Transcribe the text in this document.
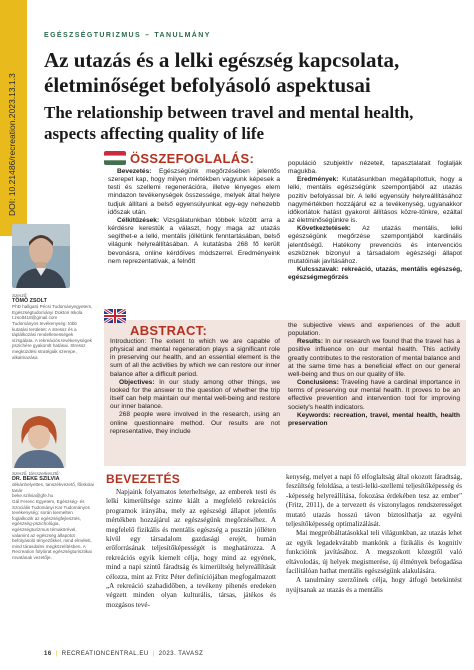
DOI: 10.21486/recreation.2023.13.1.3
EGÉSZSÉGTURIZMUS – TANULMÁNY
Az utazás és a lelki egészség kapcsolata, életminőséget befolyásoló aspektusai
The relationship between travel and mental health, aspects affecting quality of life
Szerző:
TÖMÖ ZSOLT
PhD hallgató Pécsi Tudományegyetem, Egészségtudományi Doktori Iskola
t.zsolt418@gmail.com
Tudományos tevékenység: több kutatási területet: A stressz és a táplálkozási rendellenességek vizsgálata. A rekreációs tevékenységek pszichére gyakorolt hatásai. Stressz megküzdési stratégiák szerepe, alkalmazása
Szerző, társszerkesztő:
DR. BEKE SZILVIA
dékánhelyettes, tanszékvezető, főiskolai tanár
beke.szilvia@gfe.hu
Gál Ferenc Egyetem, Egészség- és Szociális Tudományi Kar Tudományos tevékenység: során kiemelten foglalkozik az egészségfejlesztés, egészség-pszichológia, egészségturizmus témakörével, valamint az egészség állapotot befolyásoló tényezőkkel, mind elméleti, mind tárasdalmi megközelítésben. A Recreation folyóirat egészségturisztikai rovatának vezetője.
ÖSSZEFOGLALÁS:

Bevezetés: Egészségünk megőrzésében jelentős szerepet kap, hogy milyen mértékben vagyunk képesek a testi és szellemi regenerációra, illetve lényeges elem mindazon tevékenységek összessége, melyek által helyre tudjuk állítani a belső egyensúlyunkat egy-egy nehezebb időszak után.

Célkitűzések: Vizsgálatunkban többek között arra a kérdésre kerestük a választ, hogy maga az utazás segíthet-e a lelki, mentális jóllétünk fenntartásában, belső világunk helyreállításában. A kutatásba 268 fő került bevonásra, online kérdőíves módszerrel. Eredményeink nem reprezentatívak, a felnőtt

populáció szubjektív nézeteit, tapasztalatait foglalják magukba.

Eredmények: Kutatásunkban megállapítottuk, hogy a lelki, mentális egészségünk szempontjából az utazás pozitív befolyással bír. A lelki egyensúly helyreállításához nagymértékben hozzájárul ez a tevékenység, ugyanakkor időkorlátok hatást gyakorol állításos közre-tűnkre, ezáltal az életminőségünkre is.

Következtetések: Az utazás mentális, lelki egészségünk megőrzése szempontjából kardinális jelentőségű. Hatékony prevenciós és intervenciós eszköznek bizonyul a társadalom egészségi állapot mutatóinak javításához.

Kulcsszavak: rekreáció, utazás, mentális egészség, egészségmegőrzés

ABSTRACT:

Introduction: The extent to which we are capable of physical and mental regeneration plays a significant role in preserving our health, and an essential element is the sum of all the activities by which we can restore our inner balance after a difficult period.

Objectives: In our study among other things, we looked for the answer to the question of whether the trip itself can help maintain our mental well-being and restore our inner balance.

268 people were involved in the research, using an online questionnaire method. Our results are not representative, they include

the subjective views and experiences of the adult population.

Results: In our research we found that the travel has a positive influence on our mental health. This activity greatly contributes to the restoration of mental balance and at the same time has a beneficial effect on our general well-being and thus on our quality of life.

Conclusions: Traveling have a cardinal importance in terms of preserving our mental health. It proves to be an effective prevention and intervention tool for improving society's health indicators.

Keywords: recreation, travel, mental health, health preservation

BEVEZETÉS

Napjaink folyamatos leterheltsége, az emberek testi és lelki kimerültsége szinte kiált a megfelelő rekreációs programok irányába, mely az egészségi állapot jelentős mértékben hozzájárul az egészségünk megőrzéséhez. A megfelelő fizikális és mentális egészség a pusztán jólléten kívül egy társadalom gazdasági erejét, humán erőforrásának teljesítőképességét is meghatározza. A rekreációs egyik kiemelt célja, hogy mind az egyének, mind a napi szintű fáradtság és kimerültség helyreállítását célozza, mint az Fritz Péter definíciójában megfogalmazott „A rekreáció szabadidőben, a tevékeny pihenés eredeken végzett minden olyan kulturális, társas, játékos és mozgásos tevé-

kenység, melyet a napi fő elfoglaltság által okozott fáradtság, feszültség feloldása, a testi-lelki-szellemi teljesítőképesség és -képesség helyreállítása, fokozása érdekében tesz az ember" (Fritz, 2011), de a tervezett és viszonylagos rendszerességet mutató utazás hosszú távon biztosíthatja az egyéni teljesítőképesség optimalizálását.

Mai megpróbáltatásokkal teli világunkban, az utazás lehet az egyik legadekvátabb mankónk a fizikális és kognitív funkcióink javításához. A megszokott közegtől való eltávolodás, új helyek megismerése, új élmények befogadása facilitálóan hathat mentális egészségünk alakulására.

A tanulmány szerzőinek célja, hogy átfogó betekintést nyújtsanak az utazás és a mentális

16 | RECREATIONCENTRAL.EU | 2023. TAVASZ
